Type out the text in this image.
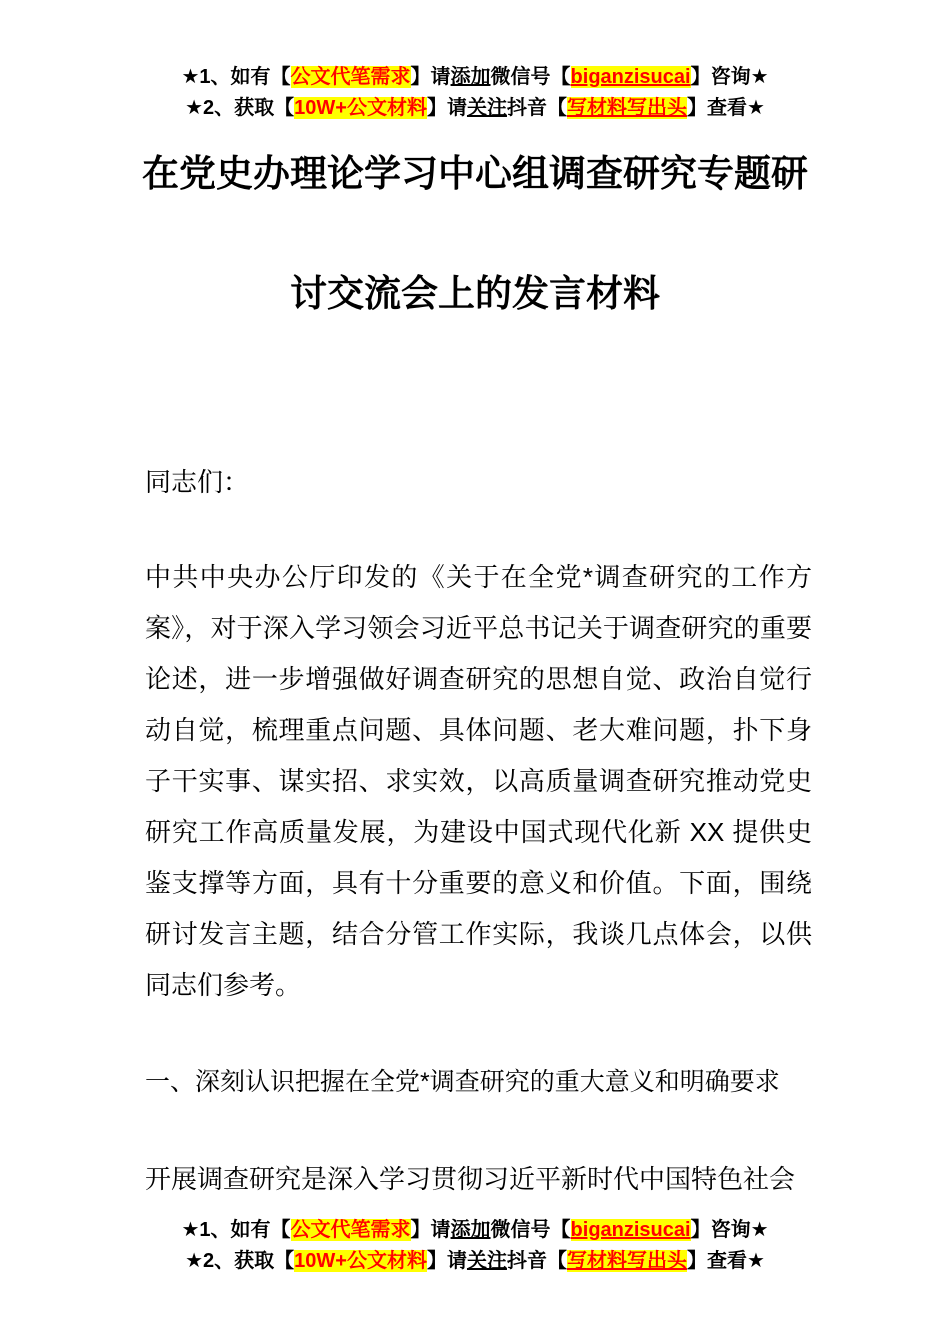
★1、如有【公文代笔需求】请添加微信号【biganzisucai】咨询★
★2、获取【10W+公文材料】请关注抖音【写材料写出头】查看★
在党史办理论学习中心组调查研究专题研
讨交流会上的发言材料
同志们：
中共中央办公厅印发的《关于在全党*调查研究的工作方案》，对于深入学习领会习近平总书记关于调查研究的重要论述，进一步增强做好调查研究的思想自觉、政治自觉行动自觉，梳理重点问题、具体问题、老大难问题，扑下身子干实事、谋实招、求实效，以高质量调查研究推动党史研究工作高质量发展，为建设中国式现代化新 XX 提供史鉴支撑等方面，具有十分重要的意义和价值。下面，围绕研讨发言主题，结合分管工作实际，我谈几点体会，以供同志们参考。
一、深刻认识把握在全党*调查研究的重大意义和明确要求
开展调查研究是深入学习贯彻习近平新时代中国特色社会
★1、如有【公文代笔需求】请添加微信号【biganzisucai】咨询★
★2、获取【10W+公文材料】请关注抖音【写材料写出头】查看★
